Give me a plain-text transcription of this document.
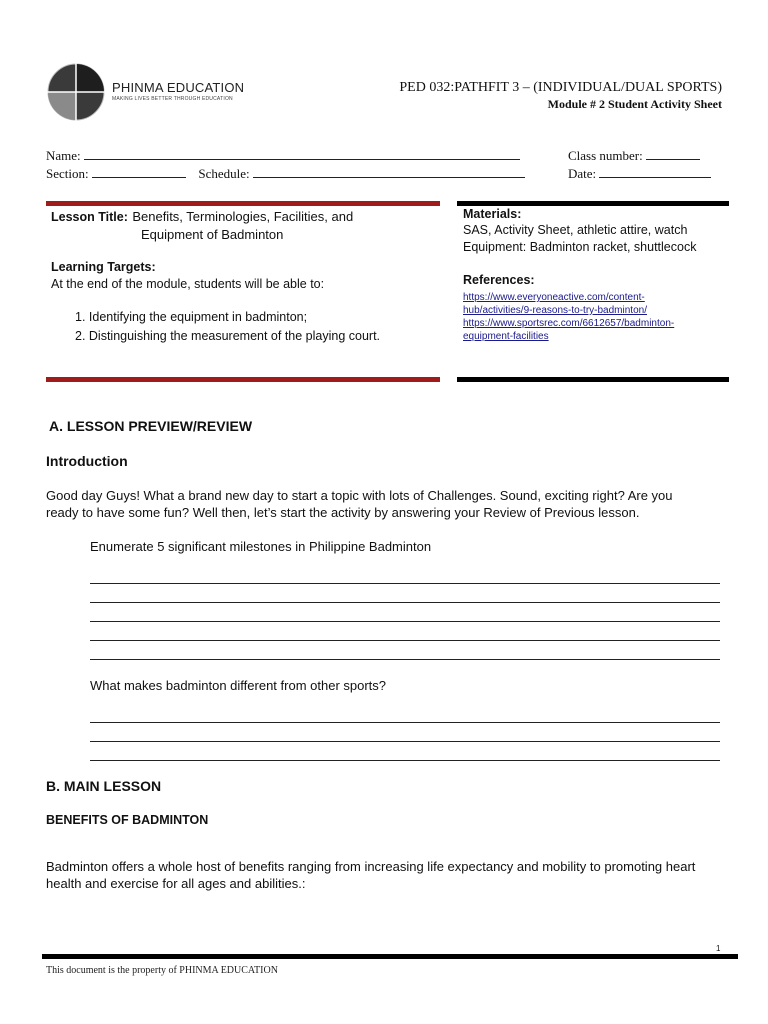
PHINMA EDUCATION
MAKING LIVES BETTER THROUGH EDUCATION
PED 032:PATHFIT 3 – (INDIVIDUAL/DUAL SPORTS)
Module # 2 Student Activity Sheet
Name:	Class number:
Section:	Schedule:	Date:
Lesson Title: Benefits, Terminologies, Facilities, and
Equipment of Badminton
Learning Targets:
At the end of the module, students will be able to:
1. Identifying the equipment in badminton;
2. Distinguishing the measurement of the playing court.
Materials:
SAS, Activity Sheet, athletic attire, watch
Equipment: Badminton racket, shuttlecock
References:
https://www.everyoneactive.com/content-
hub/activities/9-reasons-to-try-badminton/
https://www.sportsrec.com/6612657/badminton-
equipment-facilities
A. LESSON PREVIEW/REVIEW
Introduction
Good day Guys! What a brand new day to start a topic with lots of Challenges. Sound, exciting right? Are you
ready to have some fun? Well then, let’s start the activity by answering your Review of Previous lesson.
Enumerate 5 significant milestones in Philippine Badminton
What makes badminton different from other sports?
B. MAIN LESSON
BENEFITS OF BADMINTON
Badminton offers a whole host of benefits ranging from increasing life expectancy and mobility to promoting heart
health and exercise for all ages and abilities.:
1
This document is the property of PHINMA EDUCATION
